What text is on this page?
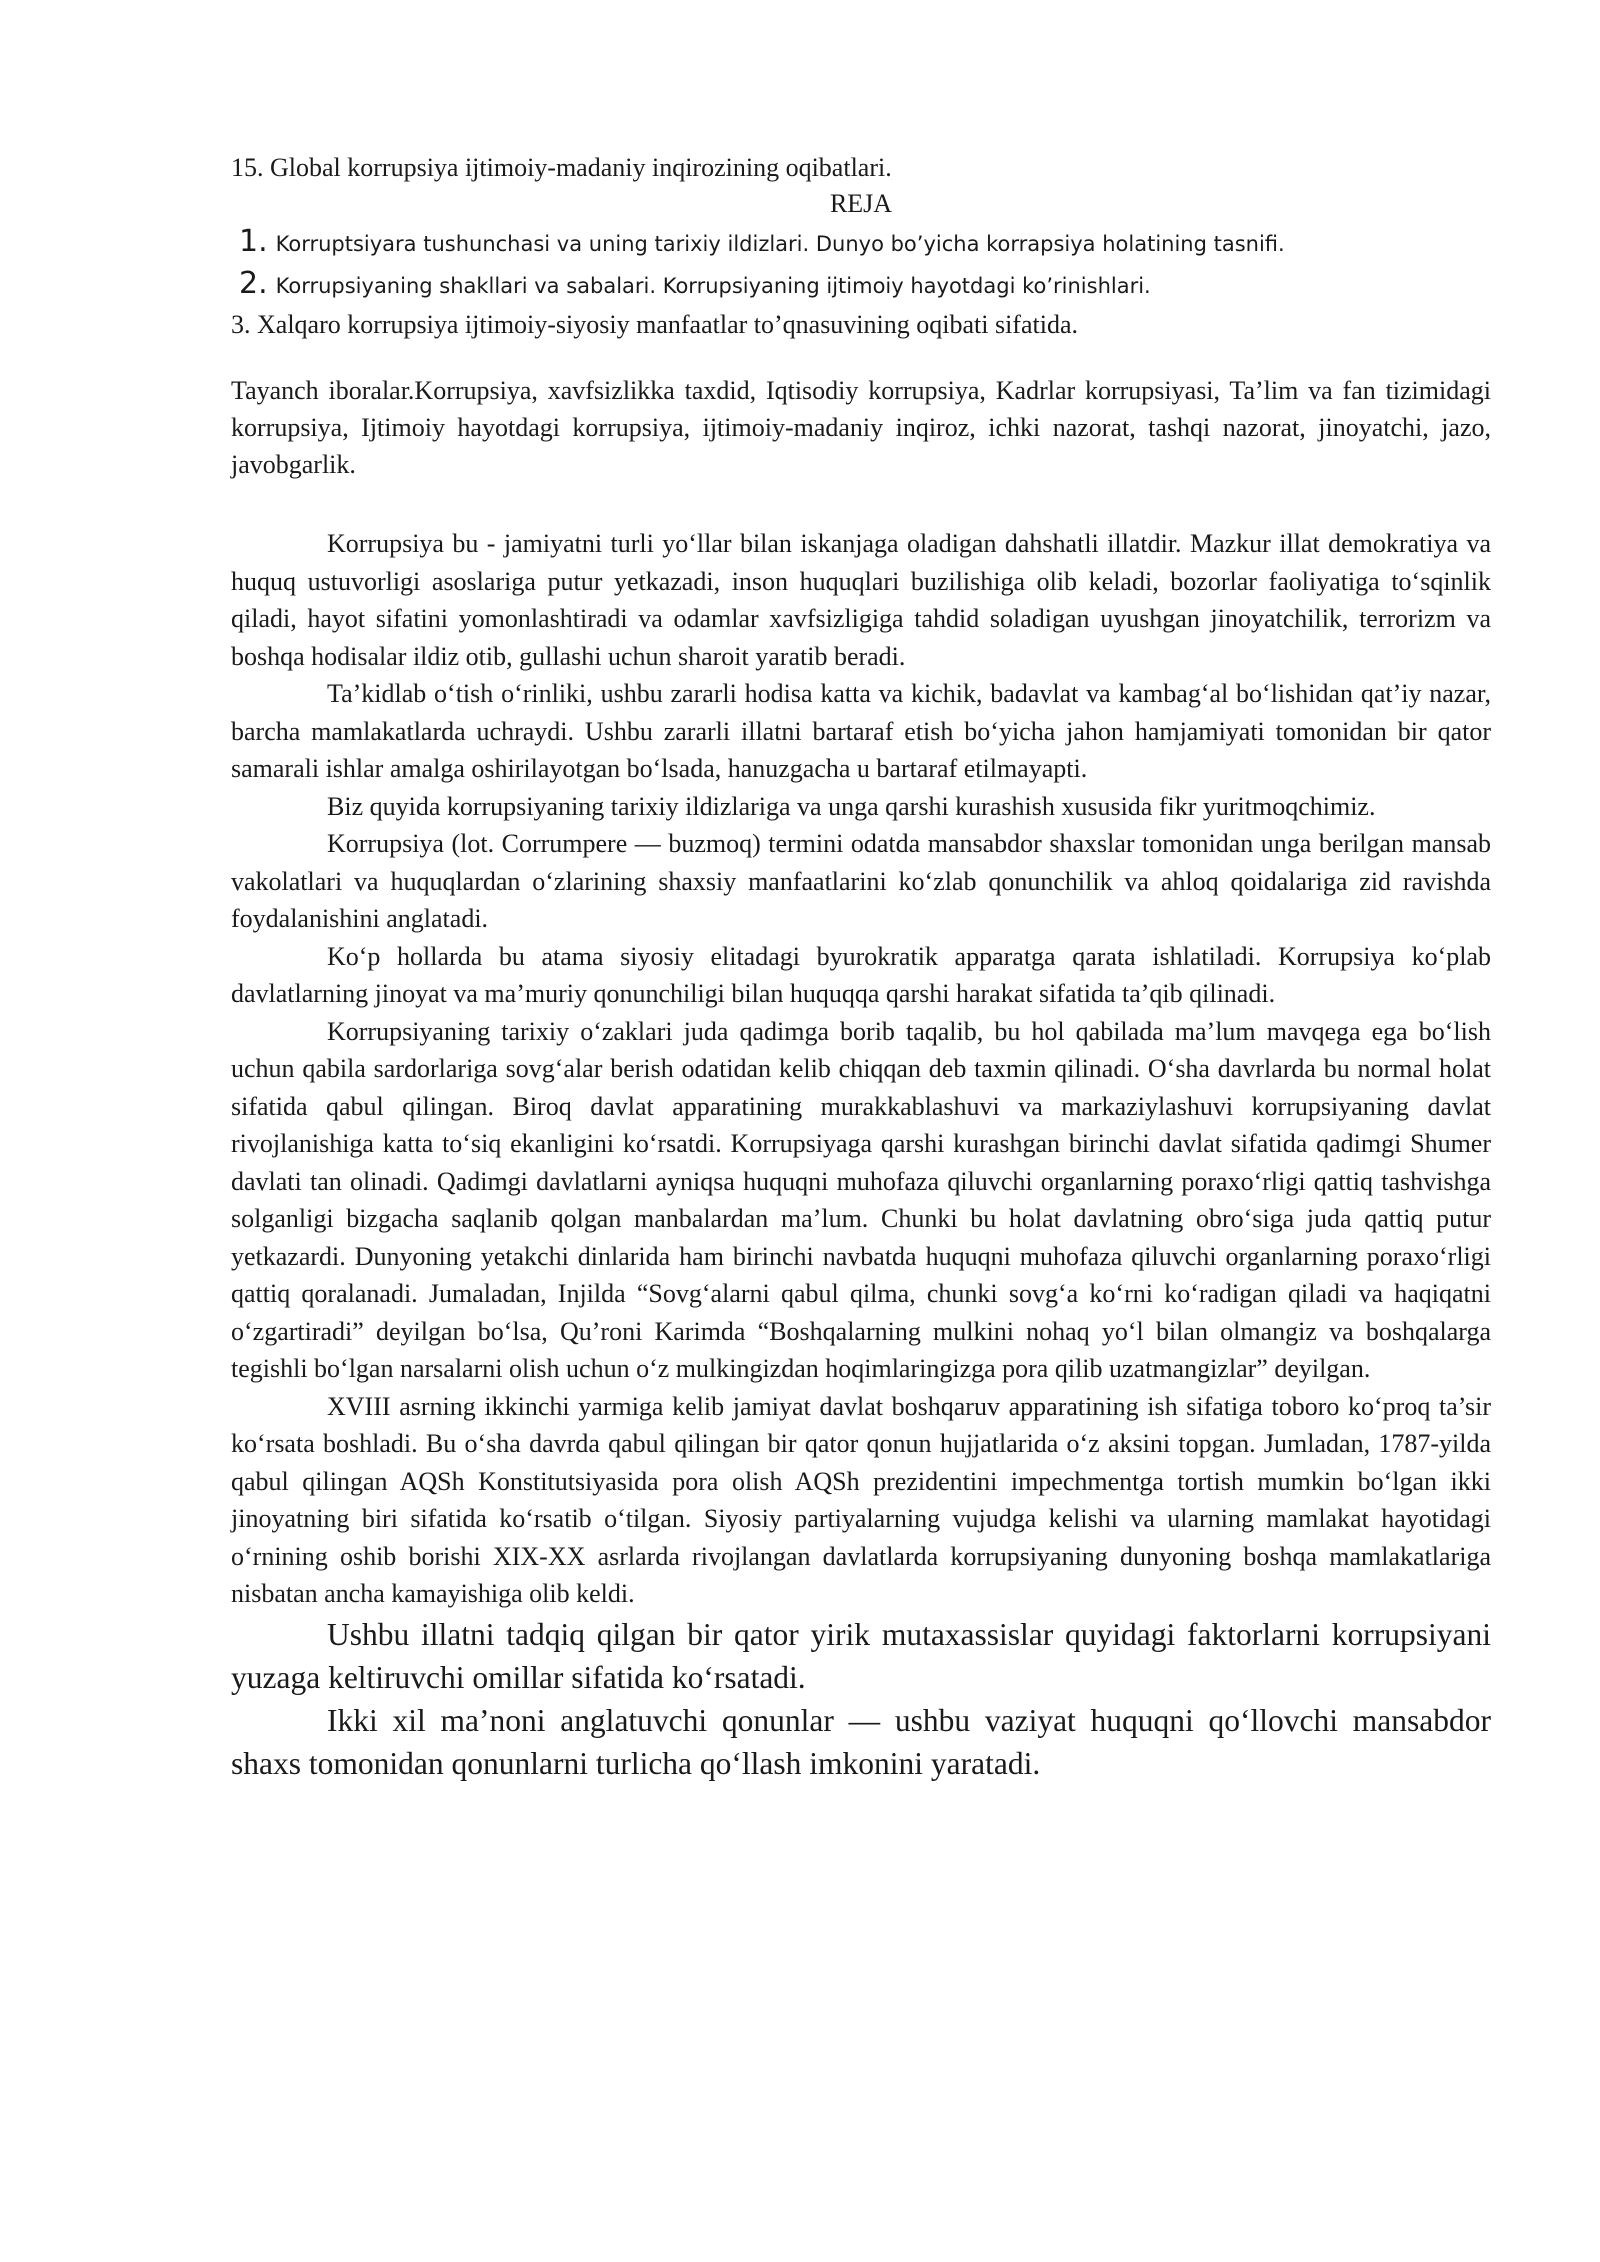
15. Global korrupsiya ijtimoiy-madaniy inqirozining oqibatlari.

REJA

1. Korruptsiyara tushunchasi va uning tarixiy ildizlari. Dunyo bo’yicha korrapsiya holatining tasnifi.

2. Korrupsiyaning shakllari va sabalari. Korrupsiyaning ijtimoiy hayotdagi ko’rinishlari.

3. Xalqaro korrupsiya ijtimoiy-siyosiy manfaatlar to’qnasuvining oqibati sifatida.

Tayanch iboralar.Korrupsiya, xavfsizlikka taxdid, Iqtisodiy korrupsiya, Kadrlar korrupsiyasi, Ta’lim va fan tizimidagi korrupsiya, Ijtimoiy hayotdagi korrupsiya, ijtimoiy-madaniy inqiroz, ichki nazorat, tashqi nazorat, jinoyatchi, jazo, javobgarlik.

Korrupsiya bu - jamiyatni turli yo‘llar bilan iskanjaga oladigan dahshatli illatdir. Mazkur illat demokratiya va huquq ustuvorligi asoslariga putur yetkazadi, inson huquqlari buzilishiga olib keladi, bozorlar faoliyatiga to‘sqinlik qiladi, hayot sifatini yomonlashtiradi va odamlar xavfsizligiga tahdid soladigan uyushgan jinoyatchilik, terrorizm va boshqa hodisalar ildiz otib, gullashi uchun sharoit yaratib beradi.

Ta’kidlab o‘tish o‘rinliki, ushbu zararli hodisa katta va kichik, badavlat va kambag‘al bo‘lishidan qat’iy nazar, barcha mamlakatlarda uchraydi. Ushbu zararli illatni bartaraf etish bo‘yicha jahon hamjamiyati tomonidan bir qator samarali ishlar amalga oshirilayotgan bo‘lsada, hanuzgacha u bartaraf etilmayapti.

Biz quyida korrupsiyaning tarixiy ildizlariga va unga qarshi kurashish xususida fikr yuritmoqchimiz.

Korrupsiya (lot. Corrumpere — buzmoq) termini odatda mansabdor shaxslar tomonidan unga berilgan mansab vakolatlari va huquqlardan o‘zlarining shaxsiy manfaatlarini ko‘zlab qonunchilik va ahloq qoidalariga zid ravishda foydalanishini anglatadi.

Ko‘p hollarda bu atama siyosiy elitadagi byurokratik apparatga qarata ishlatiladi. Korrupsiya ko‘plab davlatlarning jinoyat va ma’muriy qonunchiligi bilan huquqqa qarshi harakat sifatida ta’qib qilinadi.

Korrupsiyaning tarixiy o‘zaklari juda qadimga borib taqalib, bu hol qabilada ma’lum mavqega ega bo‘lish uchun qabila sardorlariga sovg‘alar berish odatidan kelib chiqqan deb taxmin qilinadi. O‘sha davrlarda bu normal holat sifatida qabul qilingan. Biroq davlat apparatining murakkablashuvi va markaziylashuvi korrupsiyaning davlat rivojlanishiga katta to‘siq ekanligini ko‘rsatdi. Korrupsiyaga qarshi kurashgan birinchi davlat sifatida qadimgi Shumer davlati tan olinadi. Qadimgi davlatlarni ayniqsa huquqni muhofaza qiluvchi organlarning poraxo‘rligi qattiq tashvishga solganligi bizgacha saqlanib qolgan manbalardan ma’lum. Chunki bu holat davlatning obro‘siga juda qattiq putur yetkazardi. Dunyoning yetakchi dinlarida ham birinchi navbatda huquqni muhofaza qiluvchi organlarning poraxo‘rligi qattiq qoralanadi. Jumaladan, Injilda “Sovg‘alarni qabul qilma, chunki sovg‘a ko‘rni ko‘radigan qiladi va haqiqatni o‘zgartiradi” deyilgan bo‘lsa, Qu’roni Karimda “Boshqalarning mulkini nohaq yo‘l bilan olmangiz va boshqalarga tegishli bo‘lgan narsalarni olish uchun o‘z mulkingizdan hoqimlaringizga pora qilib uzatmangizlar” deyilgan.

XVIII asrning ikkinchi yarmiga kelib jamiyat davlat boshqaruv apparatining ish sifatiga toboro ko‘proq ta’sir ko‘rsata boshladi. Bu o‘sha davrda qabul qilingan bir qator qonun hujjatlarida o‘z aksini topgan. Jumladan, 1787-yilda qabul qilingan AQSh Konstitutsiyasida pora olish AQSh prezidentini impechmentga tortish mumkin bo‘lgan ikki jinoyatning biri sifatida ko‘rsatib o‘tilgan. Siyosiy partiyalarning vujudga kelishi va ularning mamlakat hayotidagi o‘rnining oshib borishi XIX-XX asrlarda rivojlangan davlatlarda korrupsiyaning dunyoning boshqa mamlakatlariga nisbatan ancha kamayishiga olib keldi.

Ushbu illatni tadqiq qilgan bir qator yirik mutaxassislar quyidagi faktorlarni korrupsiyani yuzaga keltiruvchi omillar sifatida ko‘rsatadi.

Ikki xil ma’noni anglatuvchi qonunlar — ushbu vaziyat huquqni qo‘llovchi mansabdor shaxs tomonidan qonunlarni turlicha qo‘llash imkonini yaratadi.
